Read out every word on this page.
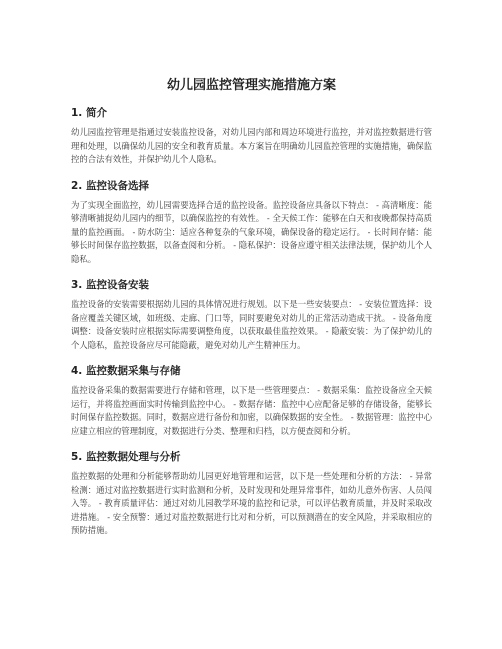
幼儿园监控管理实施措施方案
1. 简介

幼儿园监控管理是指通过安装监控设备，对幼儿园内部和周边环境进行监控，并对监控数据进行管理和处理，以确保幼儿园的安全和教育质量。本方案旨在明确幼儿园监控管理的实施措施，确保监控的合法有效性，并保护幼儿个人隐私。

2. 监控设备选择

为了实现全面监控，幼儿园需要选择合适的监控设备。监控设备应具备以下特点： - 高清晰度：能够清晰捕捉幼儿园内的细节，以确保监控的有效性。 - 全天候工作：能够在白天和夜晚都保持高质量的监控画面。 - 防水防尘：适应各种复杂的气象环境，确保设备的稳定运行。 - 长时间存储：能够长时间保存监控数据，以备查阅和分析。 - 隐私保护：设备应遵守相关法律法规，保护幼儿个人隐私。

3. 监控设备安装

监控设备的安装需要根据幼儿园的具体情况进行规划。以下是一些安装要点： - 安装位置选择：设备应覆盖关键区域，如班级、走廊、门口等，同时要避免对幼儿的正常活动造成干扰。 - 设备角度调整：设备安装时应根据实际需要调整角度，以获取最佳监控效果。 - 隐蔽安装：为了保护幼儿的个人隐私，监控设备应尽可能隐蔽，避免对幼儿产生精神压力。

4. 监控数据采集与存储

监控设备采集的数据需要进行存储和管理，以下是一些管理要点： - 数据采集：监控设备应全天候运行，并将监控画面实时传输到监控中心。 - 数据存储：监控中心应配备足够的存储设备，能够长时间保存监控数据。同时，数据应进行备份和加密，以确保数据的安全性。 - 数据管理：监控中心应建立相应的管理制度，对数据进行分类、整理和归档，以方便查阅和分析。

5. 监控数据处理与分析

监控数据的处理和分析能够帮助幼儿园更好地管理和运营，以下是一些处理和分析的方法： - 异常检测：通过对监控数据进行实时监测和分析，及时发现和处理异常事件，如幼儿意外伤害、人员闯入等。 - 教育质量评估：通过对幼儿园教学环境的监控和记录，可以评估教育质量，并及时采取改进措施。 - 安全预警：通过对监控数据进行比对和分析，可以预测潜在的安全风险，并采取相应的预防措施。
